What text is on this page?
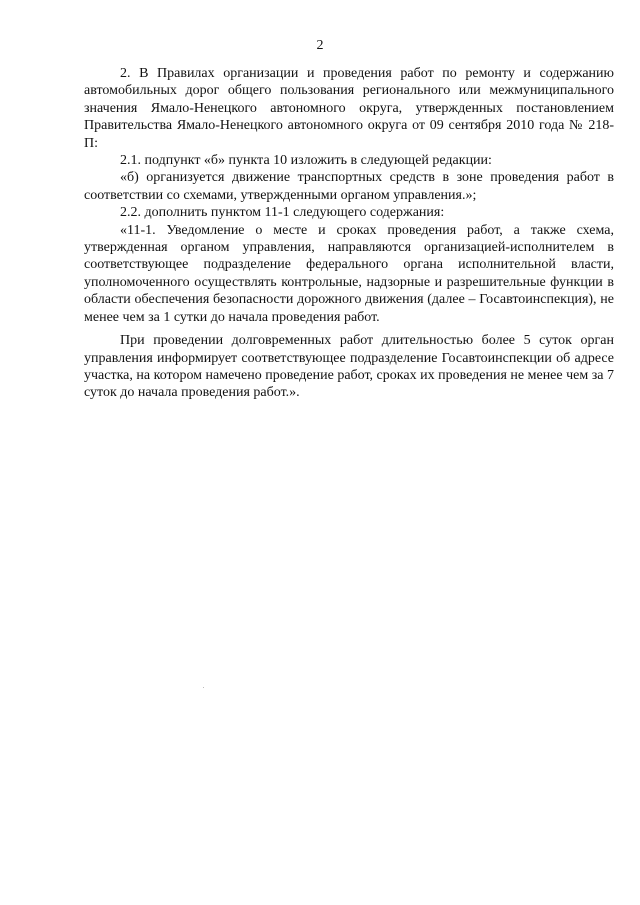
2

2. В Правилах организации и проведения работ по ремонту и содержанию автомобильных дорог общего пользования регионального или межмуниципального значения Ямало-Ненецкого автономного округа, утвержденных постановлением Правительства Ямало-Ненецкого автономного округа от 09 сентября 2010 года № 218-П:

2.1. подпункт «б» пункта 10 изложить в следующей редакции:

«б) организуется движение транспортных средств в зоне проведения работ в соответствии со схемами, утвержденными органом управления.»;

2.2. дополнить пунктом 11-1 следующего содержания:

«11-1. Уведомление о месте и сроках проведения работ, а также схема, утвержденная органом управления, направляются организацией-исполнителем в соответствующее подразделение федерального органа исполнительной власти, уполномоченного осуществлять контрольные, надзорные и разрешительные функции в области обеспечения безопасности дорожного движения (далее – Госавтоинспекция), не менее чем за 1 сутки до начала проведения работ.

При проведении долговременных работ длительностью более 5 суток орган управления информирует соответствующее подразделение Госавтоинспекции об адресе участка, на котором намечено проведение работ, сроках их проведения не менее чем за 7 суток до начала проведения работ.».
